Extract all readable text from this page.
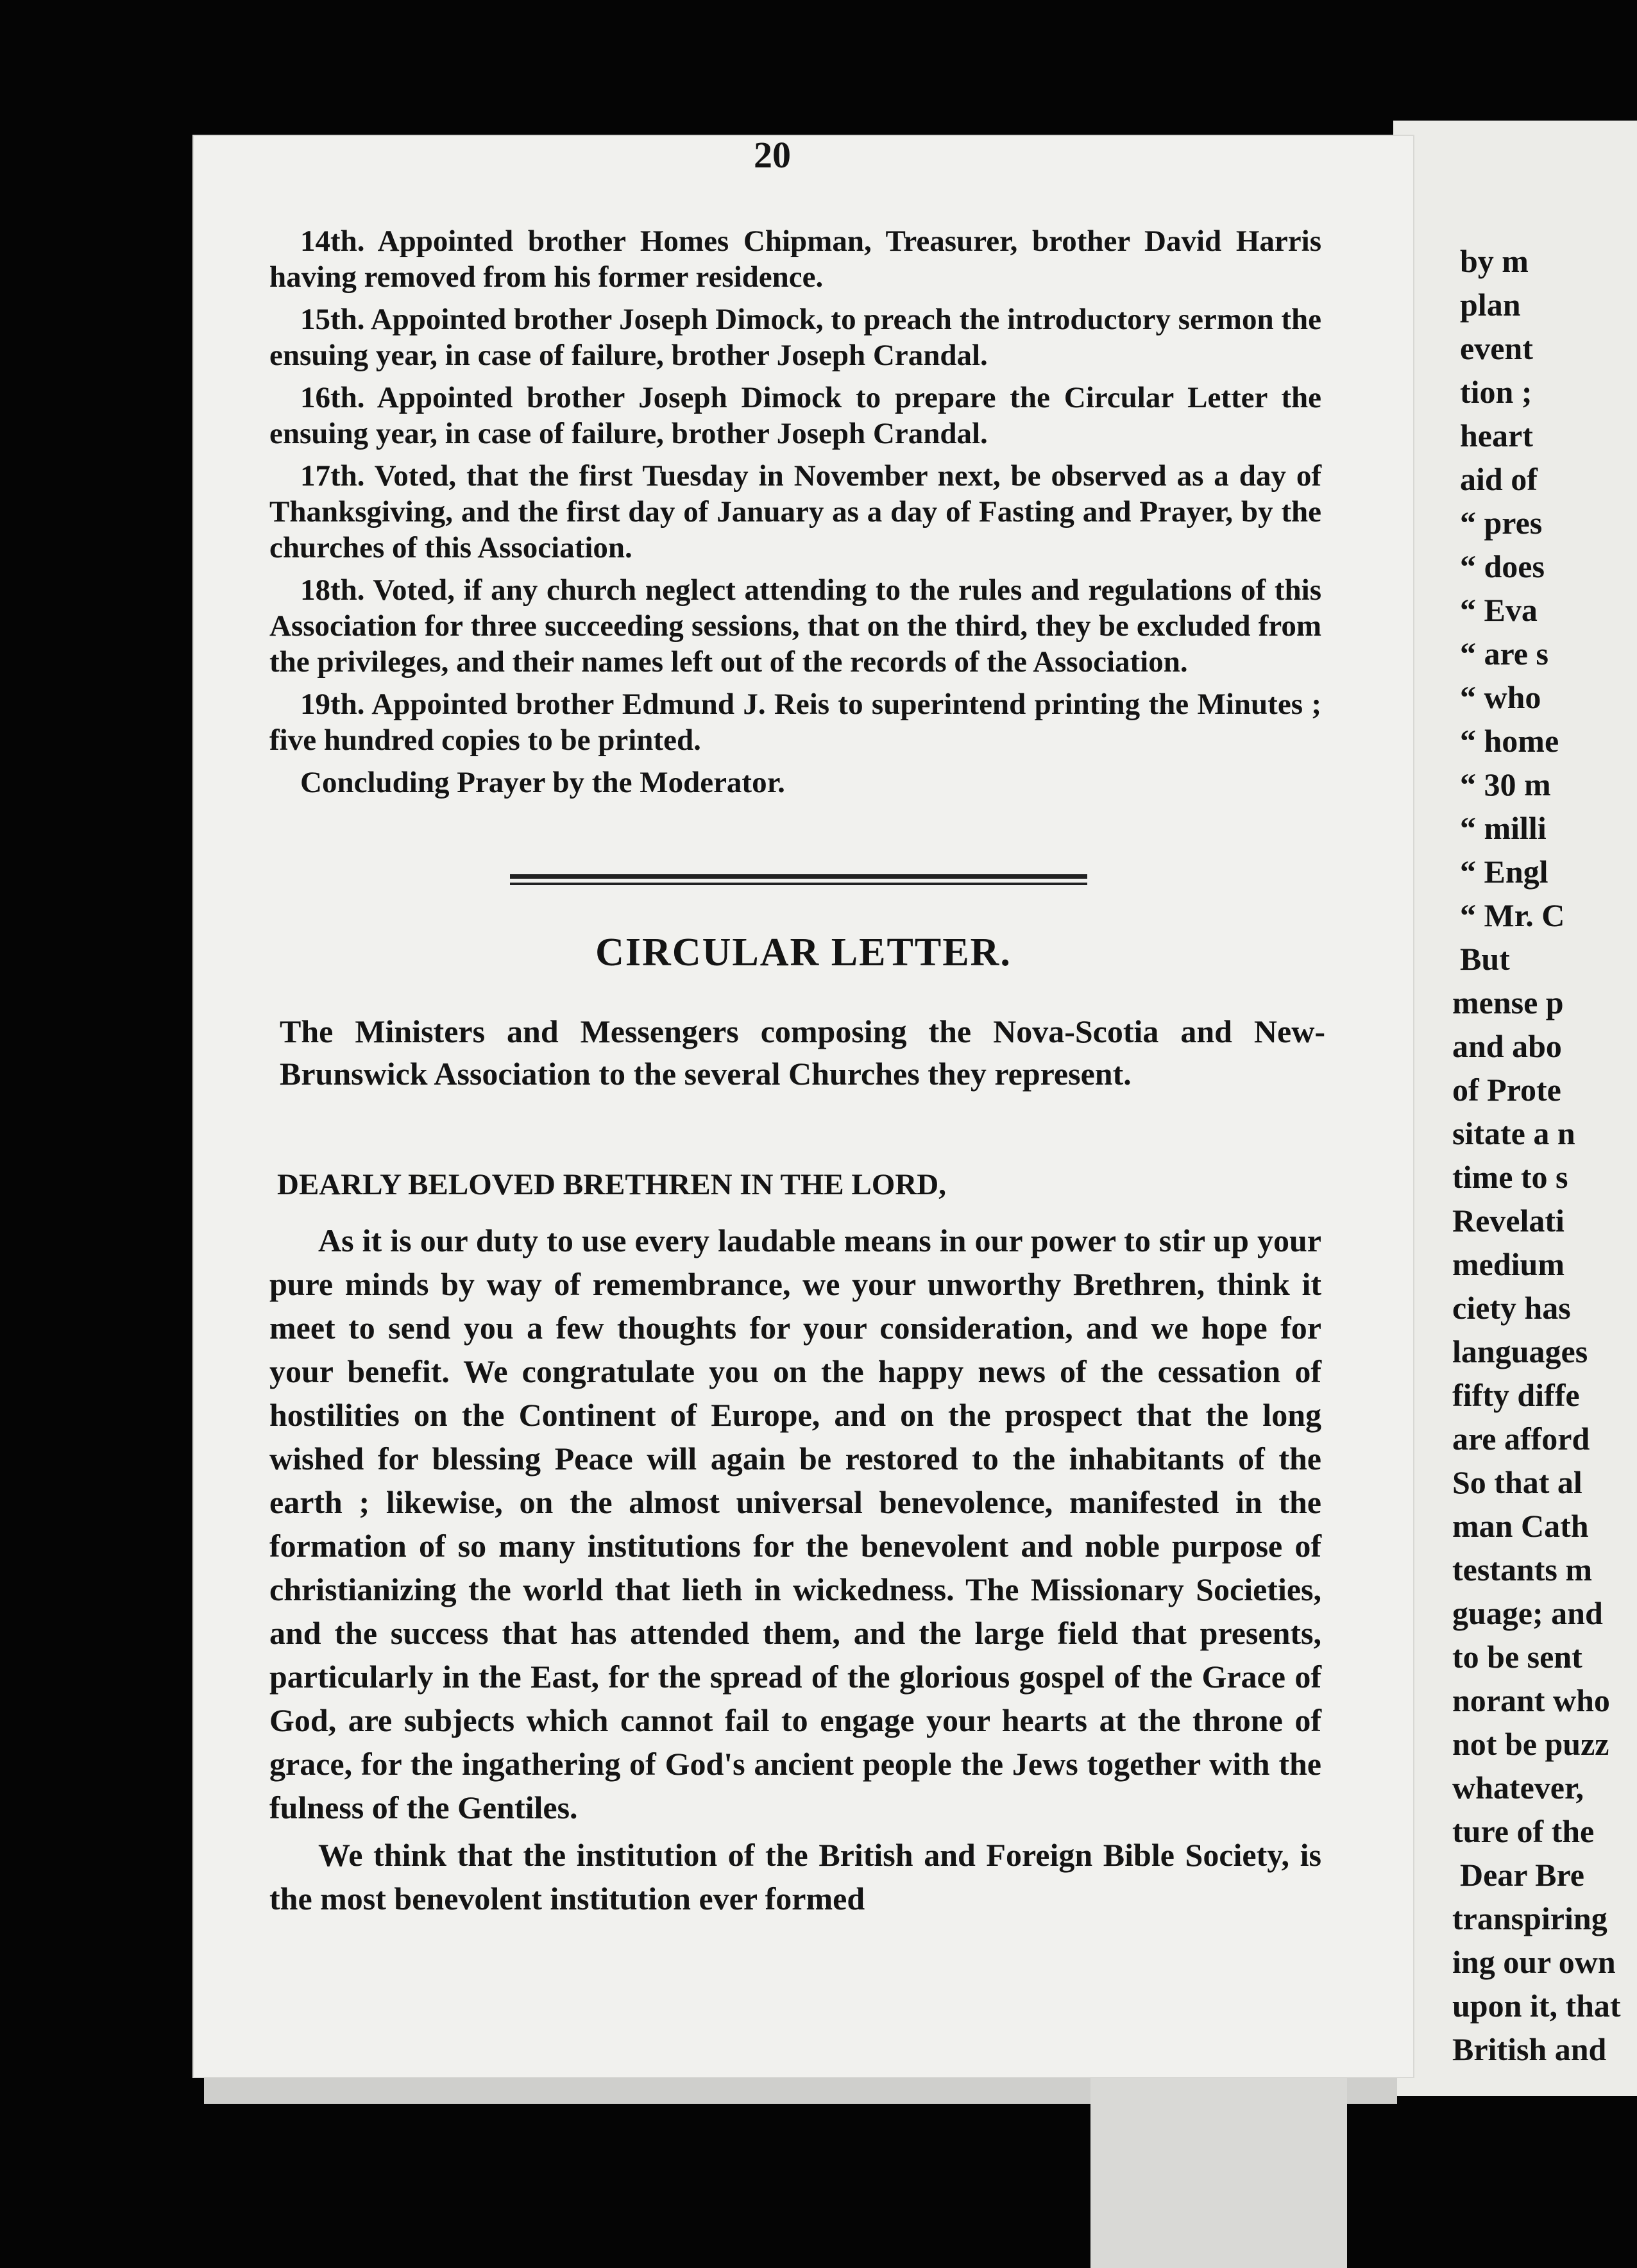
by m
plan
event
tion ;
heart
aid of
“ pres
“ does
“ Eva
“ are s
“ who
“ home
“ 30 m
“ milli
“ Engl
“ Mr. C
But
mense p
and abo
of Prote
sitate a n
time to s
Revelati
medium
ciety has
languages
fifty diffe
are afford
So that al
man Cath
testants m
guage; and
to be sent
norant who
not be puzz
whatever,
ture of the
Dear Bre
transpiring
ing our own
upon it, that
British and
20

14th. Appointed brother Homes Chipman, Treasurer, brother David Harris having removed from his former residence.

15th. Appointed brother Joseph Dimock, to preach the introductory sermon the ensuing year, in case of failure, brother Joseph Crandal.

16th. Appointed brother Joseph Dimock to prepare the Circular Letter the ensuing year, in case of failure, brother Joseph Crandal.

17th. Voted, that the first Tuesday in November next, be observed as a day of Thanksgiving, and the first day of January as a day of Fasting and Prayer, by the churches of this Association.

18th. Voted, if any church neglect attending to the rules and regulations of this Association for three succeeding sessions, that on the third, they be excluded from the privileges, and their names left out of the records of the Association.

19th. Appointed brother Edmund J. Reis to superintend printing the Minutes ; five hundred copies to be printed.

Concluding Prayer by the Moderator.

CIRCULAR LETTER.
The Ministers and Messengers composing the Nova-Scotia and New-Brunswick Association to the several Churches they represent.
DEARLY BELOVED BRETHREN IN THE LORD,

As it is our duty to use every laudable means in our power to stir up your pure minds by way of remembrance, we your unworthy Brethren, think it meet to send you a few thoughts for your consideration, and we hope for your benefit. We congratulate you on the happy news of the cessation of hostilities on the Continent of Europe, and on the prospect that the long wished for blessing Peace will again be restored to the inhabitants of the earth ; likewise, on the almost universal benevolence, manifested in the formation of so many institutions for the benevolent and noble purpose of christianizing the world that lieth in wickedness. The Missionary Societies, and the success that has attended them, and the large field that presents, particularly in the East, for the spread of the glorious gospel of the Grace of God, are subjects which cannot fail to engage your hearts at the throne of grace, for the ingathering of God's ancient people the Jews together with the fulness of the Gentiles.

We think that the institution of the British and Foreign Bible Society, is the most benevolent institution ever formed
